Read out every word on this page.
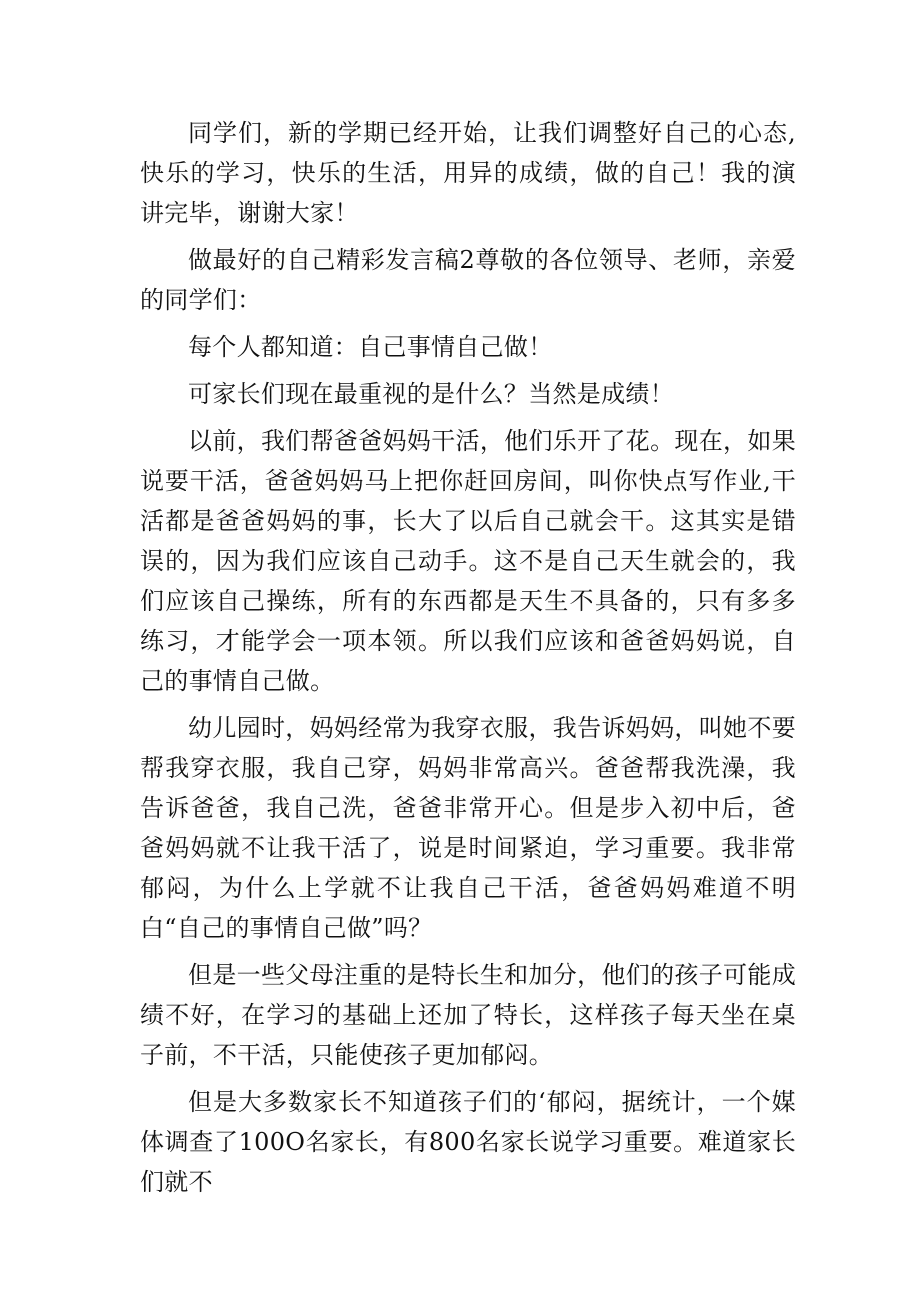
同学们，新的学期已经开始，让我们调整好自己的心态,快乐的学习，快乐的生活，用异的成绩，做的自己！我的演讲完毕，谢谢大家！

做最好的自己精彩发言稿2尊敬的各位领导、老师，亲爱的同学们：

每个人都知道：自己事情自己做！

可家长们现在最重视的是什么？当然是成绩！

以前，我们帮爸爸妈妈干活，他们乐开了花。现在，如果说要干活，爸爸妈妈马上把你赶回房间，叫你快点写作业,干活都是爸爸妈妈的事，长大了以后自己就会干。这其实是错误的，因为我们应该自己动手。这不是自己天生就会的，我们应该自己操练，所有的东西都是天生不具备的，只有多多练习，才能学会一项本领。所以我们应该和爸爸妈妈说，自己的事情自己做。

幼儿园时，妈妈经常为我穿衣服，我告诉妈妈，叫她不要帮我穿衣服，我自己穿，妈妈非常高兴。爸爸帮我洗澡，我告诉爸爸，我自己洗，爸爸非常开心。但是步入初中后，爸爸妈妈就不让我干活了，说是时间紧迫，学习重要。我非常郁闷，为什么上学就不让我自己干活，爸爸妈妈难道不明白“自己的事情自己做”吗？

但是一些父母注重的是特长生和加分，他们的孩子可能成绩不好，在学习的基础上还加了特长，这样孩子每天坐在桌子前，不干活，只能使孩子更加郁闷。

但是大多数家长不知道孩子们的‘郁闷，据统计，一个媒体调查了100O名家长，有800名家长说学习重要。难道家长们就不
